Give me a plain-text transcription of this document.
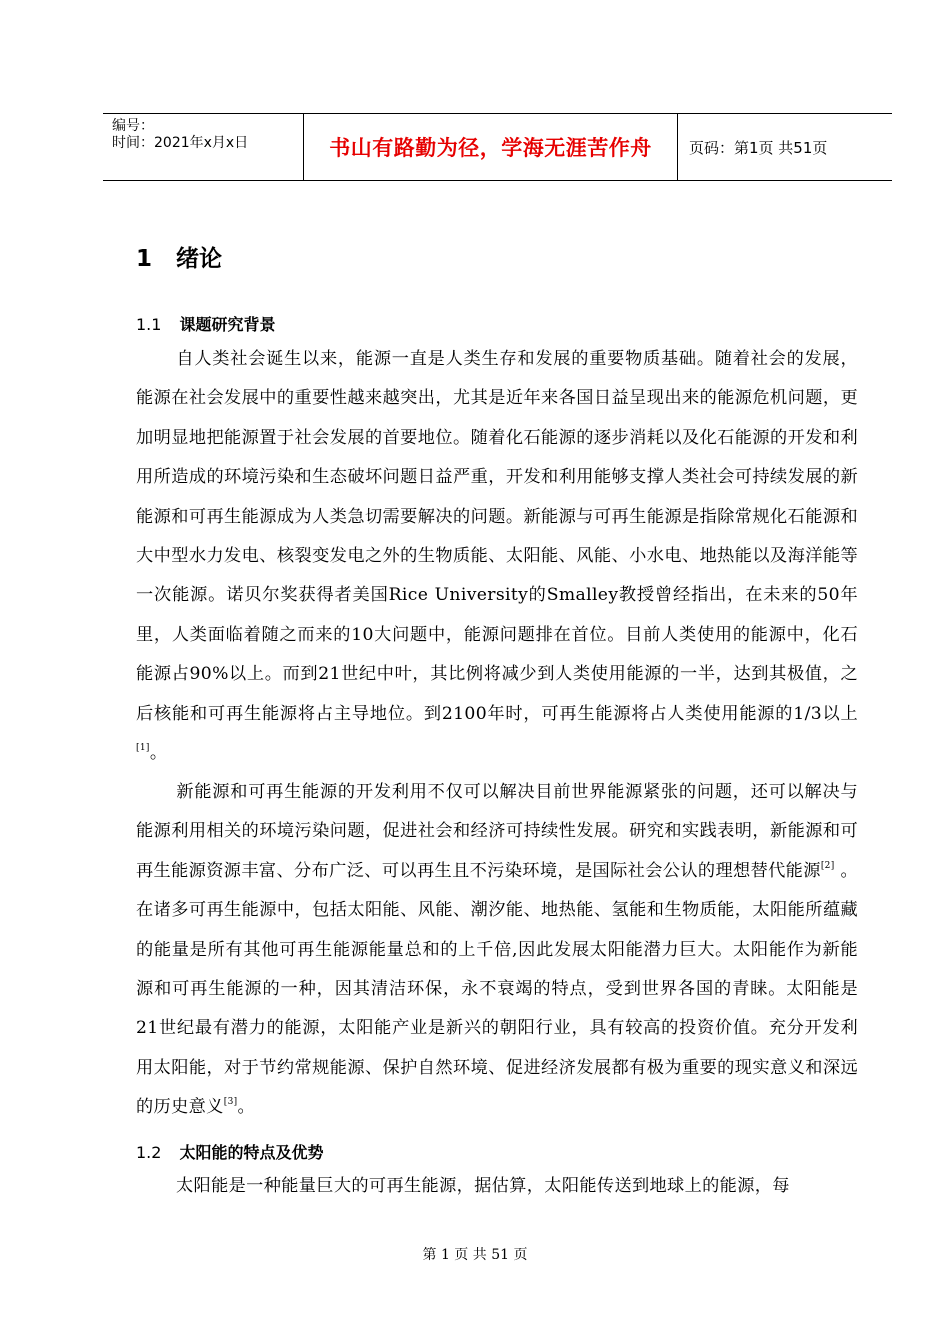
编号：
时间：2021年x月x日	书山有路勤为径，学海无涯苦作舟 页码：第1页 共51页
1 绪论
1.1 课题研究背景
自人类社会诞生以来，能源一直是人类生存和发展的重要物质基础。随着社会的发展，能源在社会发展中的重要性越来越突出，尤其是近年来各国日益呈现出来的能源危机问题，更加明显地把能源置于社会发展的首要地位。随着化石能源的逐步消耗以及化石能源的开发和利用所造成的环境污染和生态破坏问题日益严重，开发和利用能够支撑人类社会可持续发展的新能源和可再生能源成为人类急切需要解决的问题。新能源与可再生能源是指除常规化石能源和大中型水力发电、核裂变发电之外的生物质能、太阳能、风能、小水电、地热能以及海洋能等一次能源。诺贝尔奖获得者美国Rice University的Smalley教授曾经指出，在未来的50年里，人类面临着随之而来的10大问题中，能源问题排在首位。目前人类使用的能源中，化石能源占90%以上。而到21世纪中叶，其比例将减少到人类使用能源的一半，达到其极值，之后核能和可再生能源将占主导地位。到2100年时，可再生能源将占人类使用能源的1/3以上[1]。
新能源和可再生能源的开发利用不仅可以解决目前世界能源紧张的问题，还可以解决与能源利用相关的环境污染问题，促进社会和经济可持续性发展。研究和实践表明，新能源和可再生能源资源丰富、分布广泛、可以再生且不污染环境，是国际社会公认的理想替代能源[2] 。在诸多可再生能源中，包括太阳能、风能、潮汐能、地热能、氢能和生物质能，太阳能所蕴藏的能量是所有其他可再生能源能量总和的上千倍,因此发展太阳能潜力巨大。太阳能作为新能源和可再生能源的一种，因其清洁环保，永不衰竭的特点，受到世界各国的青睐。太阳能是21世纪最有潜力的能源，太阳能产业是新兴的朝阳行业，具有较高的投资价值。充分开发利用太阳能，对于节约常规能源、保护自然环境、促进经济发展都有极为重要的现实意义和深远的历史意义[3]。
1.2 太阳能的特点及优势
太阳能是一种能量巨大的可再生能源，据估算，太阳能传送到地球上的能源，每
第 1 页 共 51 页
